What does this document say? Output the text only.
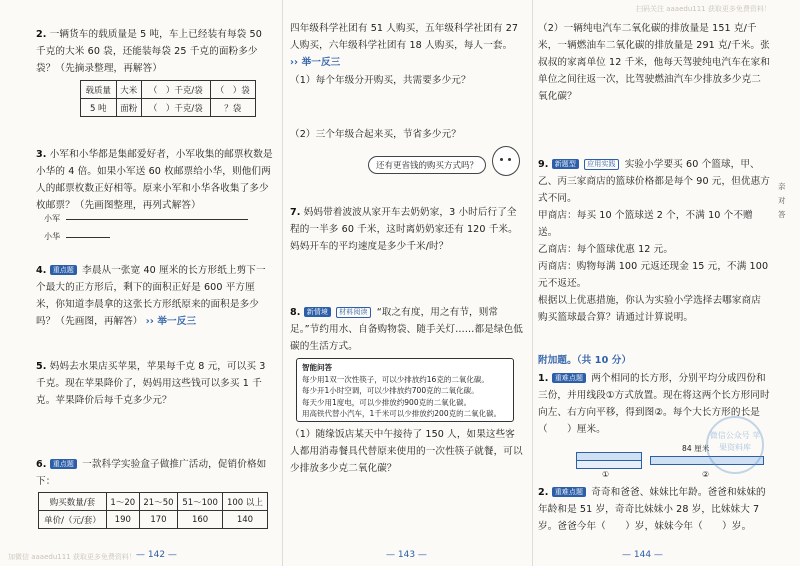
扫码关注 aaaedu111 获取更多免费资料！
2. 一辆货车的载质量是 5 吨，车上已经装有每袋 50 千克的大米 60 袋，还能装每袋 25 千克的面粉多少袋？（先摘录整理，再解答）
载质量	大米	（　）千克/袋	（　）袋
5 吨	面粉	（　）千克/袋	？袋
3. 小军和小华都是集邮爱好者，小军收集的邮票枚数是小华的 4 倍。如果小军送 60 枚邮票给小华，则他们两人的邮票枚数正好相等。原来小军和小华各收集了多少枚邮票？（先画图整理，再列式解答）
小军
小华
4. 重点题 李晨从一张宽 40 厘米的长方形纸上剪下一个最大的正方形后，剩下的面积正好是 600 平方厘米，你知道李晨拿的这张长方形纸原来的面积是多少吗？（先画图，再解答） ›› 举一反三
5. 妈妈去水果店买苹果，苹果每千克 8 元，可以买 3 千克。现在苹果降价了，妈妈用这些钱可以多买 1 千克。苹果降价后每千克多少元？
6. 重点题 一款科学实验盒子做推广活动，促销价格如下：
购买数量/套	1～20	21～50	51～100	100 以上
单价/（元/套）	190	170	160	140
— 142 —
四年级科学社团有 51 人购买，五年级科学社团有 27 人购买，六年级科学社团有 18 人购买，每人一套。
›› 举一反三
（1）每个年级分开购买，共需要多少元？
（2）三个年级合起来买，节省多少元？
还有更省钱的购买方式吗？
7. 妈妈带着波波从家开车去奶奶家，3 小时后行了全程的一半多 60 千米，这时离奶奶家还有 120 千米。妈妈开车的平均速度是多少千米/时？
8. 新情境 材料阅读 “取之有度，用之有节，则常足。”节约用水、自备购物袋、随手关灯……都是绿色低碳的生活方式。
智能问答
每少用1双一次性筷子，可以少排放约16克的二氧化碳。
每少开1小时空调，可以少排放约700克的二氧化碳。
每天少用1度电，可以少排放约900克的二氧化碳。
用高铁代替小汽车，1千米可以少排放约200克的二氧化碳。
（1）随缘饭店某天中午接待了 150 人，如果这些客人都用消毒餐具代替原来使用的一次性筷子就餐，可以少排放多少克二氧化碳？
— 143 —
（2）一辆纯电汽车二氧化碳的排放量是 151 克/千米，一辆燃油车二氧化碳的排放量是 291 克/千米。张叔叔的家离单位 12 千米，他每天驾驶纯电汽车在家和单位之间往返一次，比驾驶燃油汽车少排放多少克二氧化碳？
9. 新题型 应用实践 实验小学要买 60 个篮球，甲、乙、丙三家商店的篮球价格都是每个 90 元，但优惠方式不同。
甲商店：每买 10 个篮球送 2 个，不满 10 个不赠送。
乙商店：每个篮球优惠 12 元。
丙商店：购物每满 100 元返还现金 15 元，不满 100 元不返还。
根据以上优惠措施，你认为实验小学选择去哪家商店购买篮球最合算？请通过计算说明。
附加题。（共 10 分）
1. 重难点题 两个相同的长方形，分别平均分成四份和三份，并用线段①方式放置。现在将这两个长方形同时向左、右方向平移，得到图②。每个大长方形的长是（　　）厘米。
84 厘米
①	②
2. 重难点题 奇奇和爸爸、妹妹比年龄。爸爸和妹妹的年龄和是 51 岁，奇奇比妹妹小 28 岁，比妹妹大 7 岁。爸爸今年（　　）岁，妹妹今年（　　）岁。
亲 对 答
— 144 —
微信公众号 苹果资料库
加微信 aaaedu111 获取更多免费资料！
